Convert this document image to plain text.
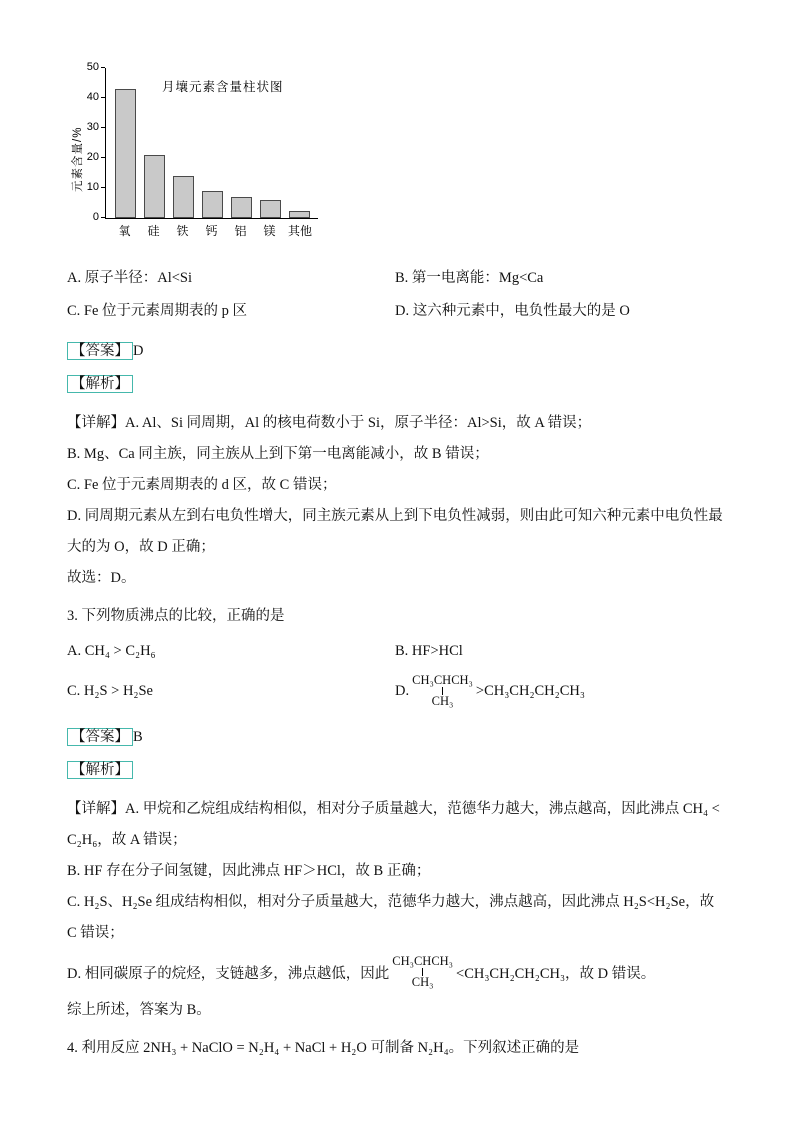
元素含量/%
月壤元素含量柱状图
0
10
20
30
40
50
氧	硅	铁	钙	铝	镁	其他
A. 原子半径：Al<Si	B. 第一电离能：Mg<Ca
C. Fe 位于元素周期表的 p 区	D. 这六种元素中，电负性最大的是 O
【答案】 D
【解析】

【详解】A. Al、Si 同周期，Al 的核电荷数小于 Si，原子半径：Al>Si，故 A 错误；

B. Mg、Ca 同主族，同主族从上到下第一电离能减小，故 B 错误；

C. Fe 位于元素周期表的 d 区，故 C 错误；

D. 同周期元素从左到右电负性增大，同主族元素从上到下电负性减弱，则由此可知六种元素中电负性最大的为 O，故 D 正确；

故选：D。

3. 下列物质沸点的比较，正确的是

A. CH₄ > C₂H₆	B. HF>HCl
C. H₂S > H₂Se	D.
CH₃CHCH₃
CH₃
>CH₃CH₂CH₂CH₃
【答案】 B
【解析】

【详解】A. 甲烷和乙烷组成结构相似，相对分子质量越大，范德华力越大，沸点越高，因此沸点 CH₄ < C₂H₆，故 A 错误；

B. HF 存在分子间氢键，因此沸点 HF＞HCl，故 B 正确；

C. H₂S、H₂Se 组成结构相似，相对分子质量越大，范德华力越大，沸点越高，因此沸点 H₂S<H₂Se，故 C 错误；

D. 相同碳原子的烷烃，支链越多，沸点越低，因此
CH₃CHCH₃
CH₃
<CH₃CH₂CH₂CH₃，故 D 错误。

综上所述，答案为 B。

4. 利用反应 2NH₃ + NaClO = N₂H₄ + NaCl + H₂O 可制备 N₂H₄。下列叙述正确的是
